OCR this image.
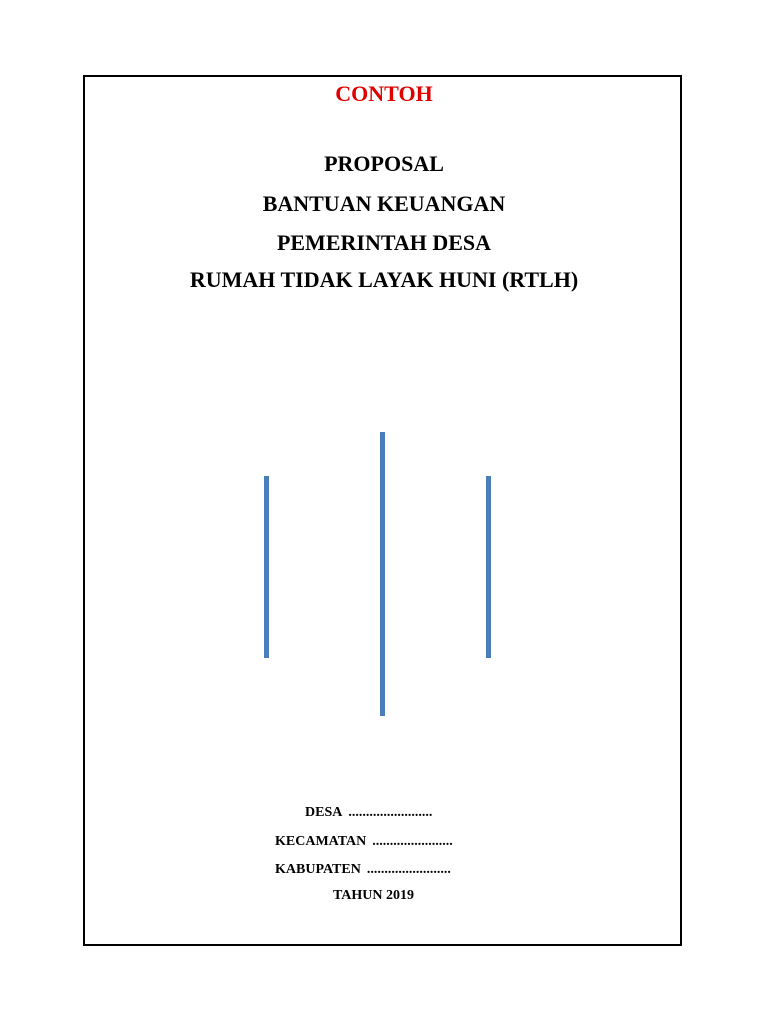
CONTOH
PROPOSAL
BANTUAN KEUANGAN
PEMERINTAH DESA
RUMAH TIDAK LAYAK HUNI (RTLH)
DESA ........................
KECAMATAN .......................
KABUPATEN ........................
TAHUN 2019
